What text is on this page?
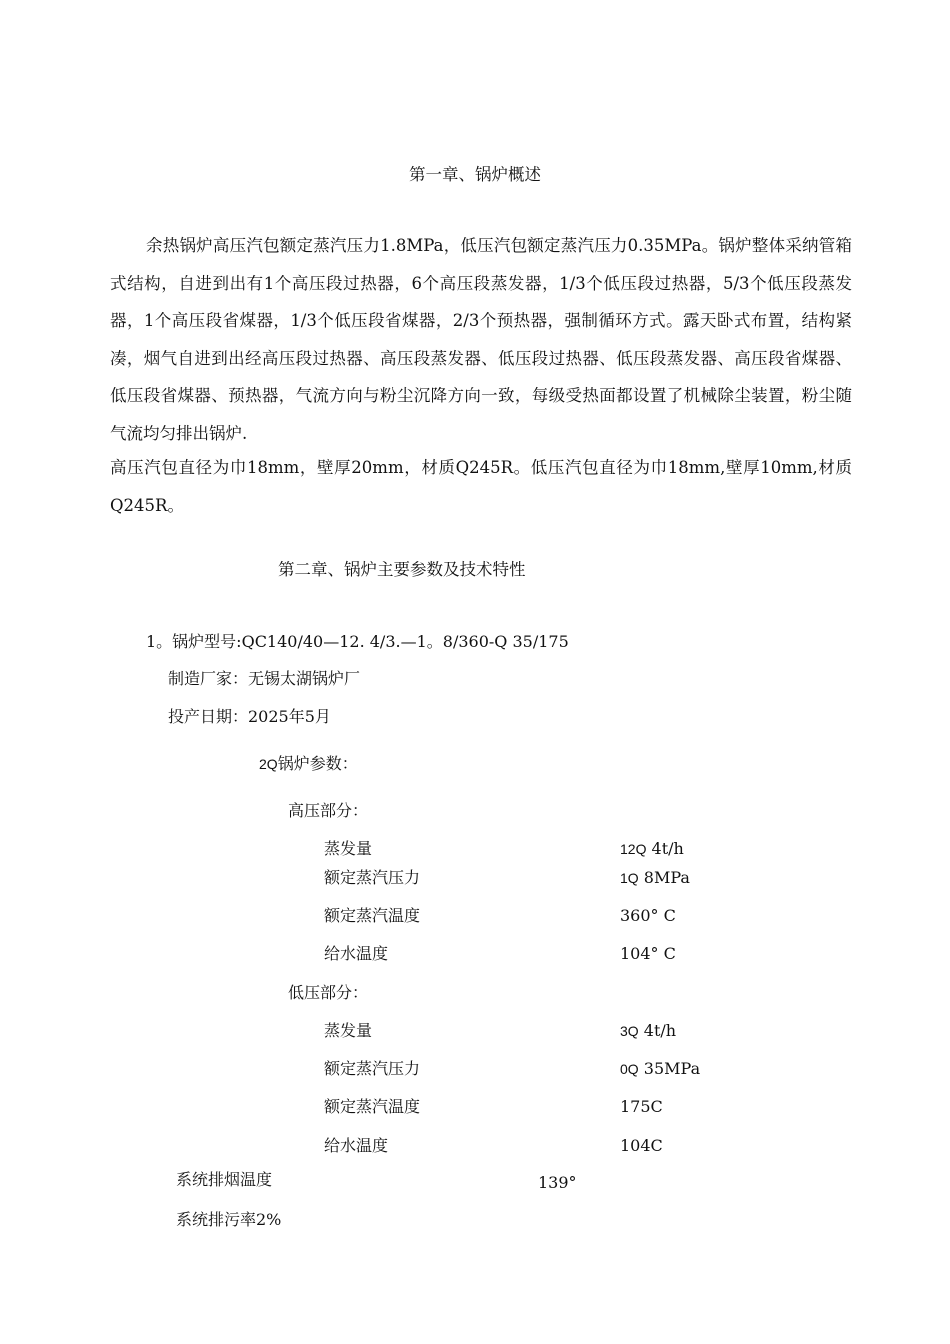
第一章、锅炉概述
余热锅炉高压汽包额定蒸汽压力1.8MPa，低压汽包额定蒸汽压力0.35MPa。锅炉整体采纳管箱式结构，自进到出有1个高压段过热器，6个高压段蒸发器，1/3个低压段过热器，5/3个低压段蒸发器，1个高压段省煤器，1/3个低压段省煤器，2/3个预热器，强制循环方式。露天卧式布置，结构紧凑，烟气自进到出经高压段过热器、高压段蒸发器、低压段过热器、低压段蒸发器、高压段省煤器、低压段省煤器、预热器，气流方向与粉尘沉降方向一致，每级受热面都设置了机械除尘装置，粉尘随气流均匀排出锅炉.
高压汽包直径为巾18mm，壁厚20mm，材质Q245R。低压汽包直径为巾18mm,壁厚10mm,材质Q245R。
第二章、锅炉主要参数及技术特性
1。锅炉型号:QC140/40—12. 4/3.—1。8/360-Q 35/175
制造厂家：无锡太湖锅炉厂
投产日期：2025年5月
2Q锅炉参数：
高压部分：
蒸发量	12Q 4t/h
额定蒸汽压力	1Q 8MPa
额定蒸汽温度	360° C
给水温度	104° C
低压部分：
蒸发量	3Q 4t/h
额定蒸汽压力	0Q 35MPa
额定蒸汽温度	175C
给水温度	104C
系统排烟温度	139°
系统排污率2%
